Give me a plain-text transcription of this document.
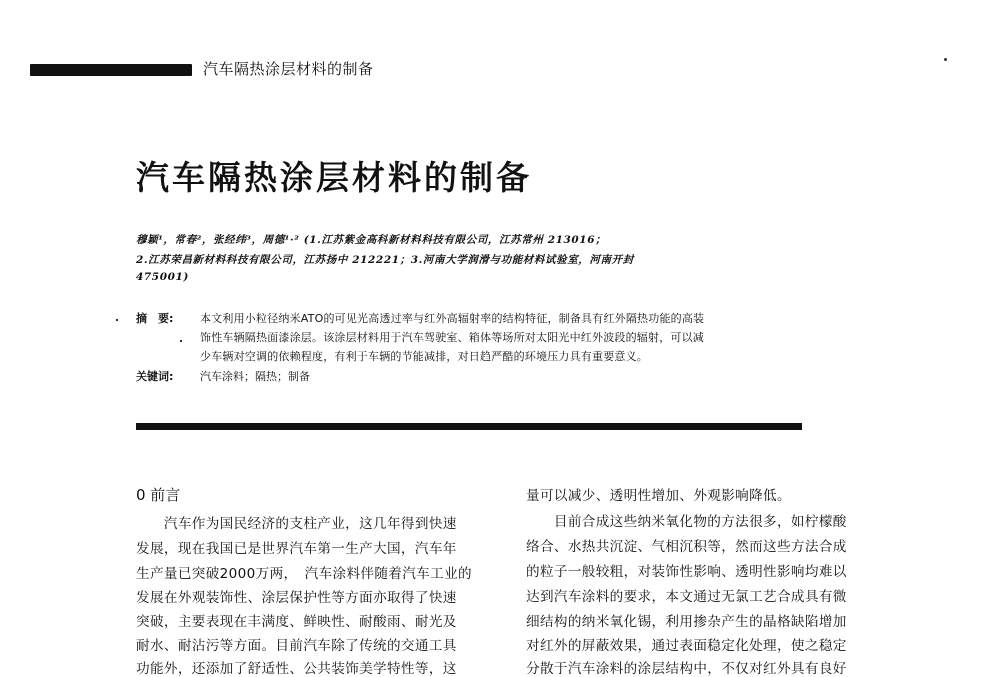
汽车隔热涂层材料的制备
汽车隔热涂层材料的制备
穆颖¹，常春²，张经纬³，周德¹·² (1.江苏紫金高科新材料科技有限公司，江苏常州 213016；
2.江苏荣昌新材料科技有限公司，江苏扬中 212221；3.河南大学润滑与功能材料试验室，河南开封
475001)
摘　要: 本文利用小粒径纳米ATO的可见光高透过率与红外高辐射率的结构特征，制备具有红外隔热功能的高装
饰性车辆隔热面漆涂层。该涂层材料用于汽车驾驶室、箱体等场所对太阳光中红外波段的辐射，可以减
少车辆对空调的依赖程度，有利于车辆的节能减排，对日趋严酷的环境压力具有重要意义。
关键词: 汽车涂料；隔热；制备
0 前言
　　汽车作为国民经济的支柱产业，这几年得到快速
发展，现在我国已是世界汽车第一生产大国，汽车年
生产量已突破2000万两，　汽车涂料伴随着汽车工业的
发展在外观装饰性、涂层保护性等方面亦取得了快速
突破，主要表现在丰满度、鲜映性、耐酸雨、耐光及
耐水、耐沾污等方面。目前汽车除了传统的交通工具
功能外，还添加了舒适性、公共装饰美学特性等，这
量可以减少、透明性增加、外观影响降低。
　　目前合成这些纳米氧化物的方法很多，如柠檬酸
络合、水热共沉淀、气相沉积等，然而这些方法合成
的粒子一般较粗，对装饰性影响、透明性影响均难以
达到汽车涂料的要求，本文通过无氯工艺合成具有微
细结构的纳米氧化锡，利用掺杂产生的晶格缺陷增加
对红外的屏蔽效果，通过表面稳定化处理，使之稳定
分散于汽车涂料的涂层结构中，不仅对红外具有良好
